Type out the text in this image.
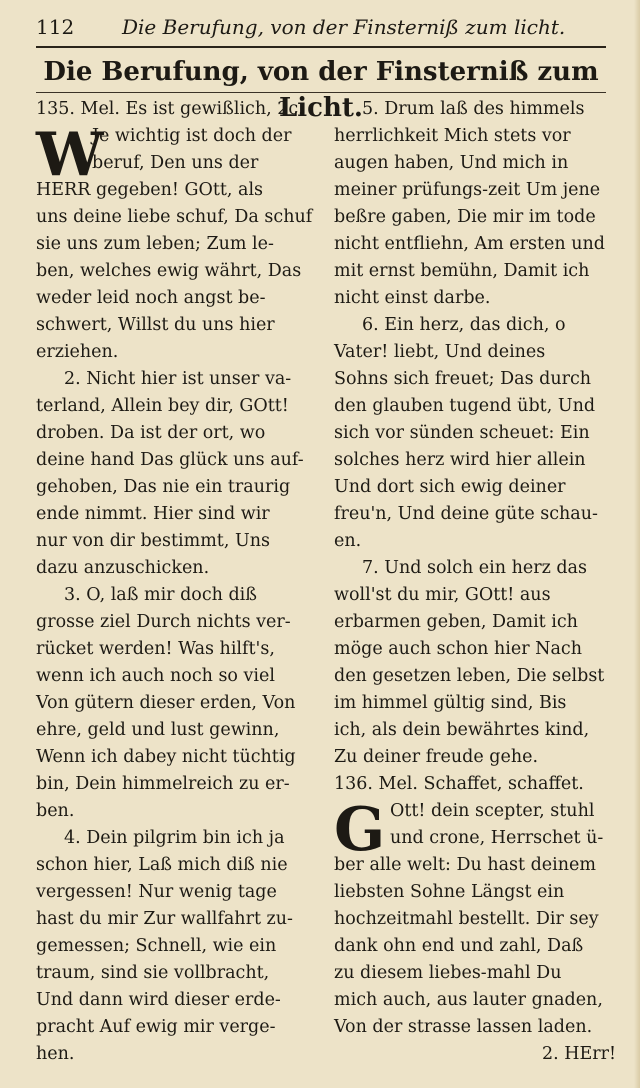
112 Die Berufung, von der Finsterniß zum licht.
Die Berufung, von der Finsterniß zum Licht.
W
135. Mel. Es ist gewißlich, 2c.
Je wichtig ist doch der
beruf, Den uns der
HERR gegeben! GOtt, als
uns deine liebe schuf, Da schuf
sie uns zum leben; Zum le-
ben, welches ewig währt, Das
weder leid noch angst be-
schwert, Willst du uns hier
erziehen.
2. Nicht hier ist unser va-
terland, Allein bey dir, GOtt!
droben. Da ist der ort, wo
deine hand Das glück uns auf-
gehoben, Das nie ein traurig
ende nimmt. Hier sind wir
nur von dir bestimmt, Uns
dazu anzuschicken.
3. O, laß mir doch diß
grosse ziel Durch nichts ver-
rücket werden! Was hilft's,
wenn ich auch noch so viel
Von gütern dieser erden, Von
ehre, geld und lust gewinn,
Wenn ich dabey nicht tüchtig
bin, Dein himmelreich zu er-
ben.
4. Dein pilgrim bin ich ja
schon hier, Laß mich diß nie
vergessen! Nur wenig tage
hast du mir Zur wallfahrt zu-
gemessen; Schnell, wie ein
traum, sind sie vollbracht,
Und dann wird dieser erde-
pracht Auf ewig mir verge-
hen.
G
5. Drum laß des himmels
herrlichkeit Mich stets vor
augen haben, Und mich in
meiner prüfungs-zeit Um jene
beßre gaben, Die mir im tode
nicht entfliehn, Am ersten und
mit ernst bemühn, Damit ich
nicht einst darbe.
6. Ein herz, das dich, o
Vater! liebt, Und deines
Sohns sich freuet; Das durch
den glauben tugend übt, Und
sich vor sünden scheuet: Ein
solches herz wird hier allein
Und dort sich ewig deiner
freu'n, Und deine güte schau-
en.
7. Und solch ein herz das
woll'st du mir, GOtt! aus
erbarmen geben, Damit ich
möge auch schon hier Nach
den gesetzen leben, Die selbst
im himmel gültig sind, Bis
ich, als dein bewährtes kind,
Zu deiner freude gehe.
136. Mel. Schaffet, schaffet.
Ott! dein scepter, stuhl
und crone, Herrschet ü-
ber alle welt: Du hast deinem
liebsten Sohne Längst ein
hochzeitmahl bestellt. Dir sey
dank ohn end und zahl, Daß
zu diesem liebes-mahl Du
mich auch, aus lauter gnaden,
Von der strasse lassen laden.
2. HErr!
